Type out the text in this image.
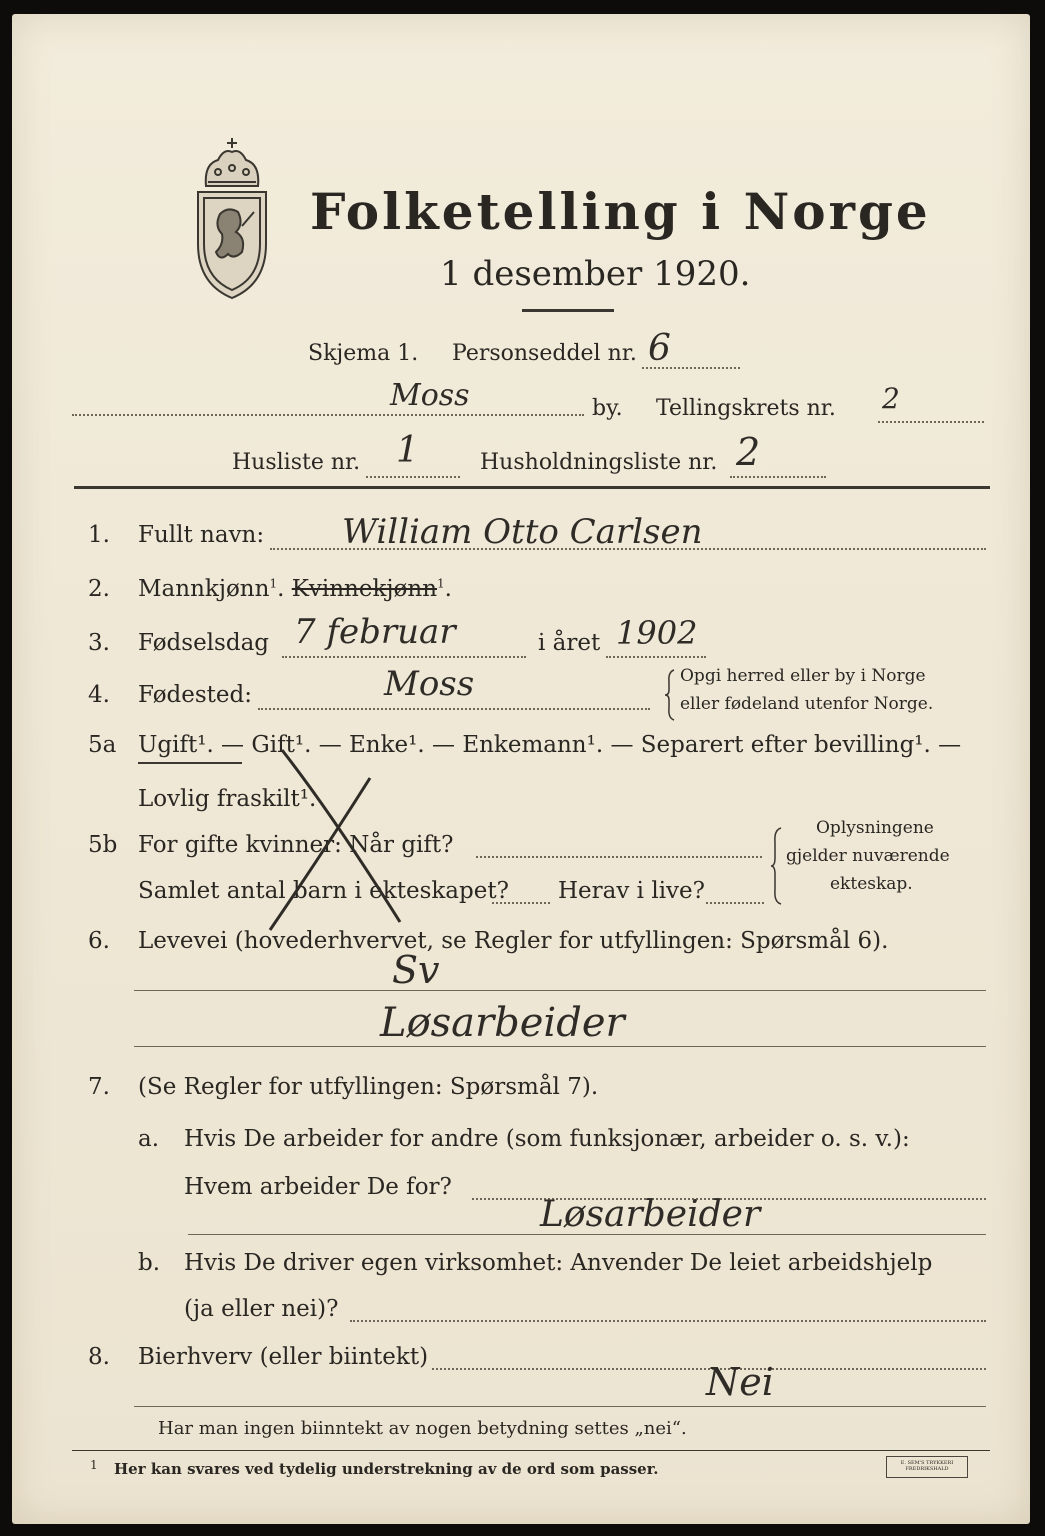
Folketelling i Norge
1 desember 1920.
Skjema 1. Personseddel nr. 6
Moss	by. Tellingskrets nr. 2
Husliste nr. 1	Husholdningsliste nr. 2
1. Fullt navn: William Otto Carlsen
2. Mannkjønn$^1$. Kvinnekjønn$^1$.
3. Fødselsdag 7 februar	i året 1902
4. Fødested:	Moss	Opgi herred eller by i Norge
eller fødeland utenfor Norge.
5a Ugift¹. — Gift¹. — Enke¹. — Enkemann¹. — Separert efter bevilling¹. —
Lovlig fraskilt¹.
5b For gifte kvinner: Når gift?
Samlet antal barn i ekteskapet? Herav i live?
Oplysningene
gjelder nuværende
ekteskap.
6. Levevei (hovederhvervet, se Regler for utfyllingen: Spørsmål 6).
Sv
Løsarbeider
7. (Se Regler for utfyllingen: Spørsmål 7).
a. Hvis De arbeider for andre (som funksjonær, arbeider o. s. v.):
Hvem arbeider De for?
Løsarbeider
b. Hvis De driver egen virksomhet: Anvender De leiet arbeidshjelp
(ja eller nei)?
8. Bierhverv (eller biintekt)
Nei
Har man ingen biinntekt av nogen betydning settes „nei“.
1 Her kan svares ved tydelig understrekning av de ord som passer.	E. SEM'S TRYKKERI FREDRIKSHALD
